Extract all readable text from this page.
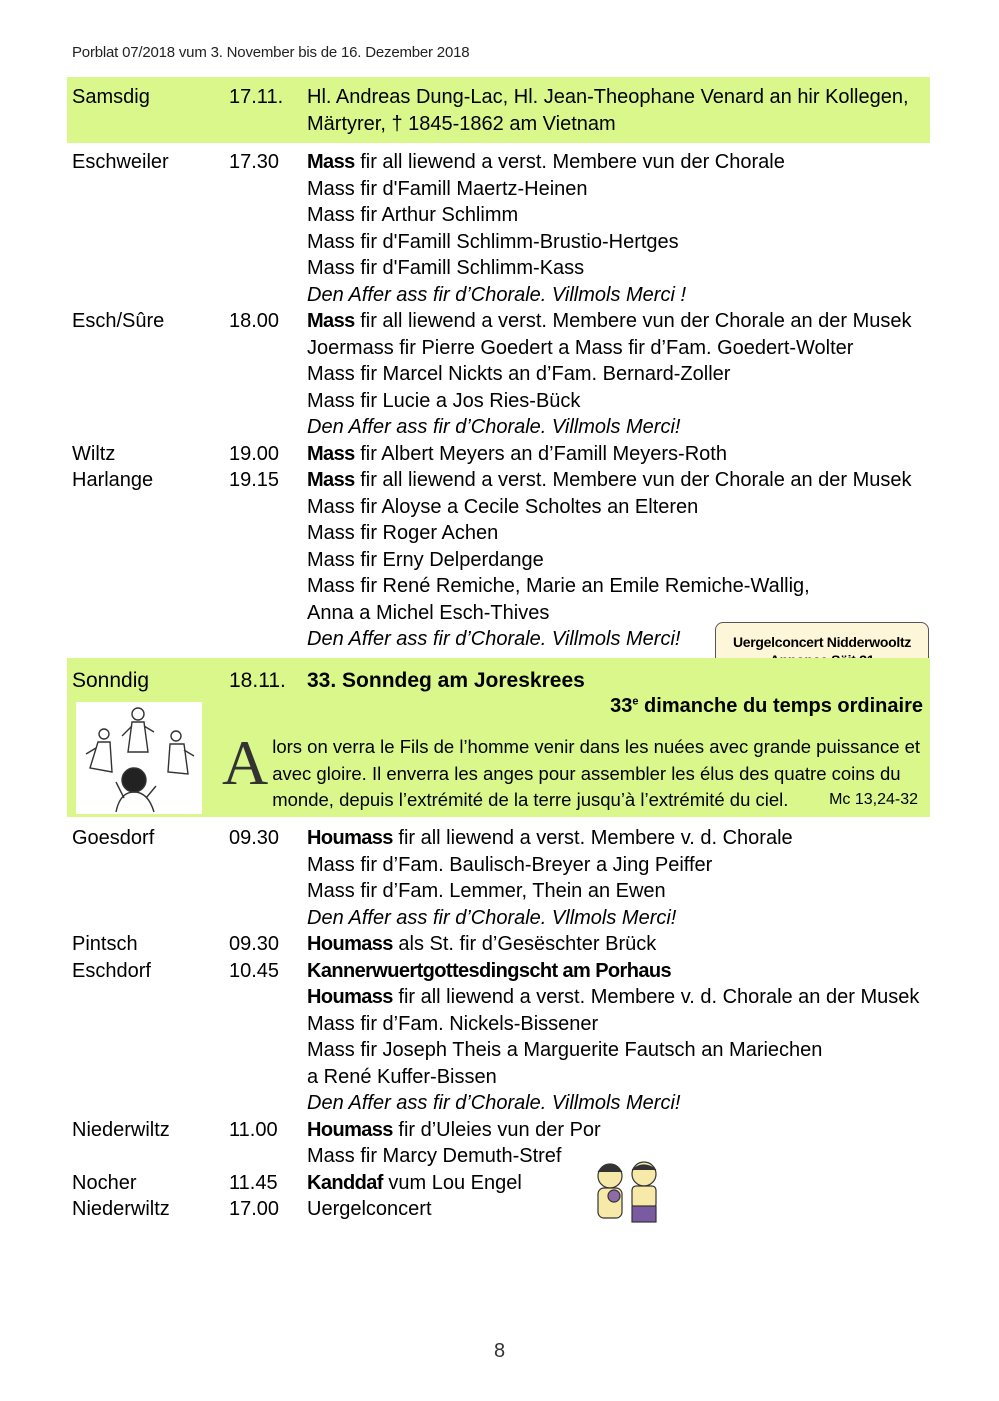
Porblat 07/2018 vum 3. November bis de 16. Dezember 2018
Samsdig	17.11. Hl. Andreas Dung-Lac, Hl. Jean-Theophane Venard an hir Kollegen,
Märtyrer, † 1845-1862 am Vietnam
Eschweiler	17.30 Mass fir all liewend a verst. Membere vun der Chorale
Mass fir d'Famill Maertz-Heinen
Mass fir Arthur Schlimm
Mass fir d'Famill Schlimm-Brustio-Hertges
Mass fir d'Famill Schlimm-Kass
Den Affer ass fir d’Chorale. Villmols Merci !
Esch/Sûre	18.00 Mass fir all liewend a verst. Membere vun der Chorale an der Musek
Joermass fir Pierre Goedert a Mass fir d’Fam. Goedert-Wolter
Mass fir Marcel Nickts an d’Fam. Bernard-Zoller
Mass fir Lucie a Jos Ries-Bück
Den Affer ass fir d’Chorale. Villmols Merci!
Wiltz	19.00 Mass fir Albert Meyers an d’Famill Meyers-Roth
Harlange	19.15 Mass fir all liewend a verst. Membere vun der Chorale an der Musek
Mass fir Aloyse a Cecile Scholtes an Elteren
Mass fir Roger Achen
Mass fir Erny Delperdange
Mass fir René Remiche, Marie an Emile Remiche-Wallig,
Anna a Michel Esch-Thives
Den Affer ass fir d’Chorale. Villmols Merci!	Uergelconcert Nidderwooltz
Sonndig	18.11. 33. Sonndeg am Joreskrees
33e dimanche du temps ordinaire
A lors on verra le Fils de l’homme venir dans les nuées avec grande puissance et avec gloire. Il enverra les anges pour assembler les élus des quatre coins du monde, depuis l’extrémité de la terre jusqu’à l’extrémité du ciel.	Mc 13,24-32
Goesdorf	09.30 Houmass fir all liewend a verst. Membere v. d. Chorale
Mass fir d’Fam. Baulisch-Breyer a Jing Peiffer
Mass fir d’Fam. Lemmer, Thein an Ewen
Den Affer ass fir d’Chorale. Vllmols Merci!
Pintsch	09.30 Houmass als St. fir d’Gesëschter Brück
Eschdorf	10.45 Kannerwuertgottesdingscht am Porhaus
Houmass fir all liewend a verst. Membere v. d. Chorale an der Musek
Mass fir d’Fam. Nickels-Bissener
Mass fir Joseph Theis a Marguerite Fautsch an Mariechen
a René Kuffer-Bissen
Den Affer ass fir d’Chorale. Villmols Merci!
Niederwiltz	11.00 Houmass fir d’Uleies vun der Por
Mass fir Marcy Demuth-Stref
Nocher	11.45 Kanddaf vum Lou Engel
Niederwiltz	17.00 Uergelconcert
8
